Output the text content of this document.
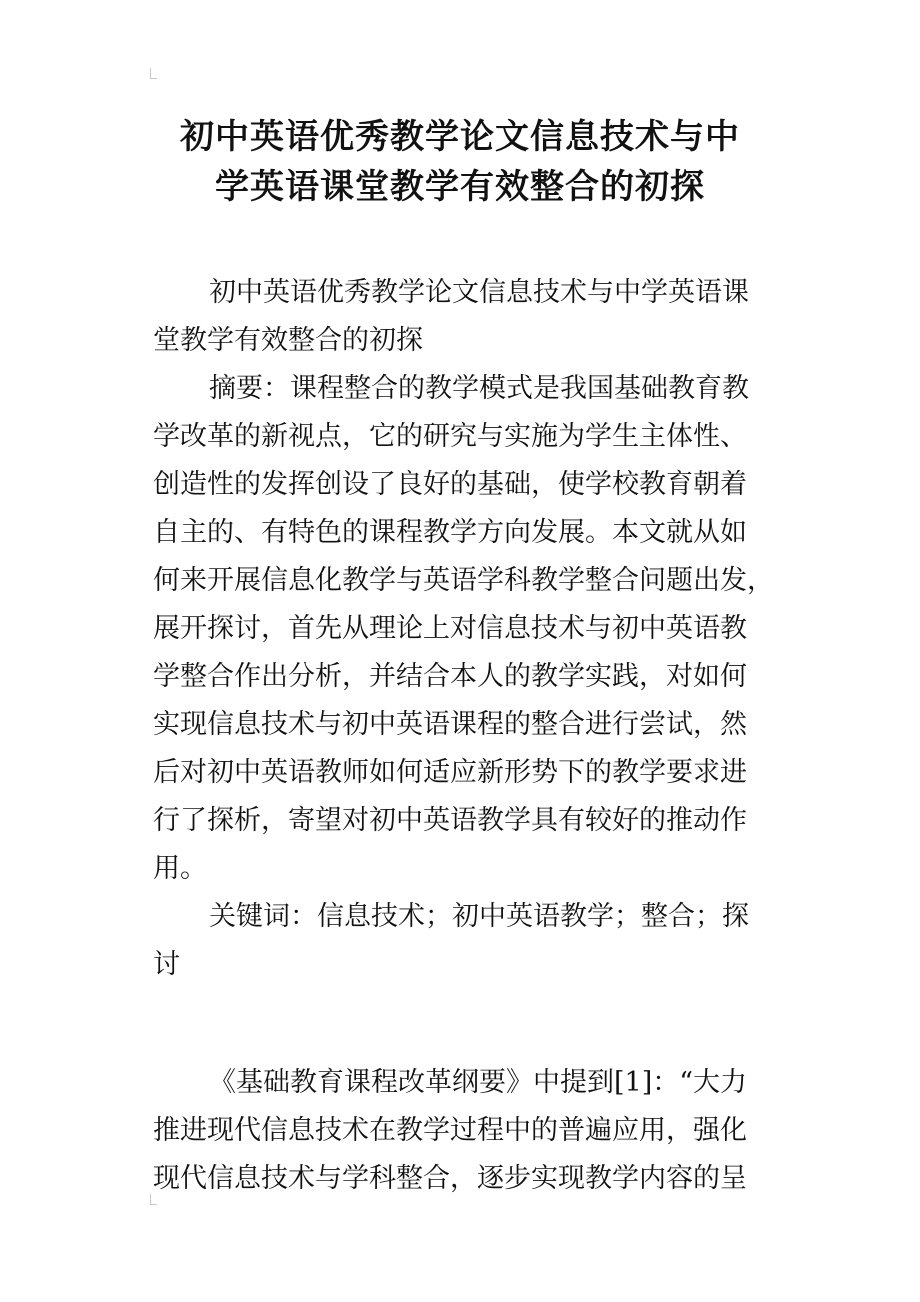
初中英语优秀教学论文信息技术与中
学英语课堂教学有效整合的初探
初中英语优秀教学论文信息技术与中学英语课
堂教学有效整合的初探
摘要：课程整合的教学模式是我国基础教育教
学改革的新视点，它的研究与实施为学生主体性、
创造性的发挥创设了良好的基础，使学校教育朝着
自主的、有特色的课程教学方向发展。本文就从如
何来开展信息化教学与英语学科教学整合问题出发，
展开探讨，首先从理论上对信息技术与初中英语教
学整合作出分析，并结合本人的教学实践，对如何
实现信息技术与初中英语课程的整合进行尝试，然
后对初中英语教师如何适应新形势下的教学要求进
行了探析，寄望对初中英语教学具有较好的推动作
用。
关键词：信息技术；初中英语教学；整合；探
讨
《基础教育课程改革纲要》中提到[1]：“大力
推进现代信息技术在教学过程中的普遍应用，强化
现代信息技术与学科整合，逐步实现教学内容的呈
